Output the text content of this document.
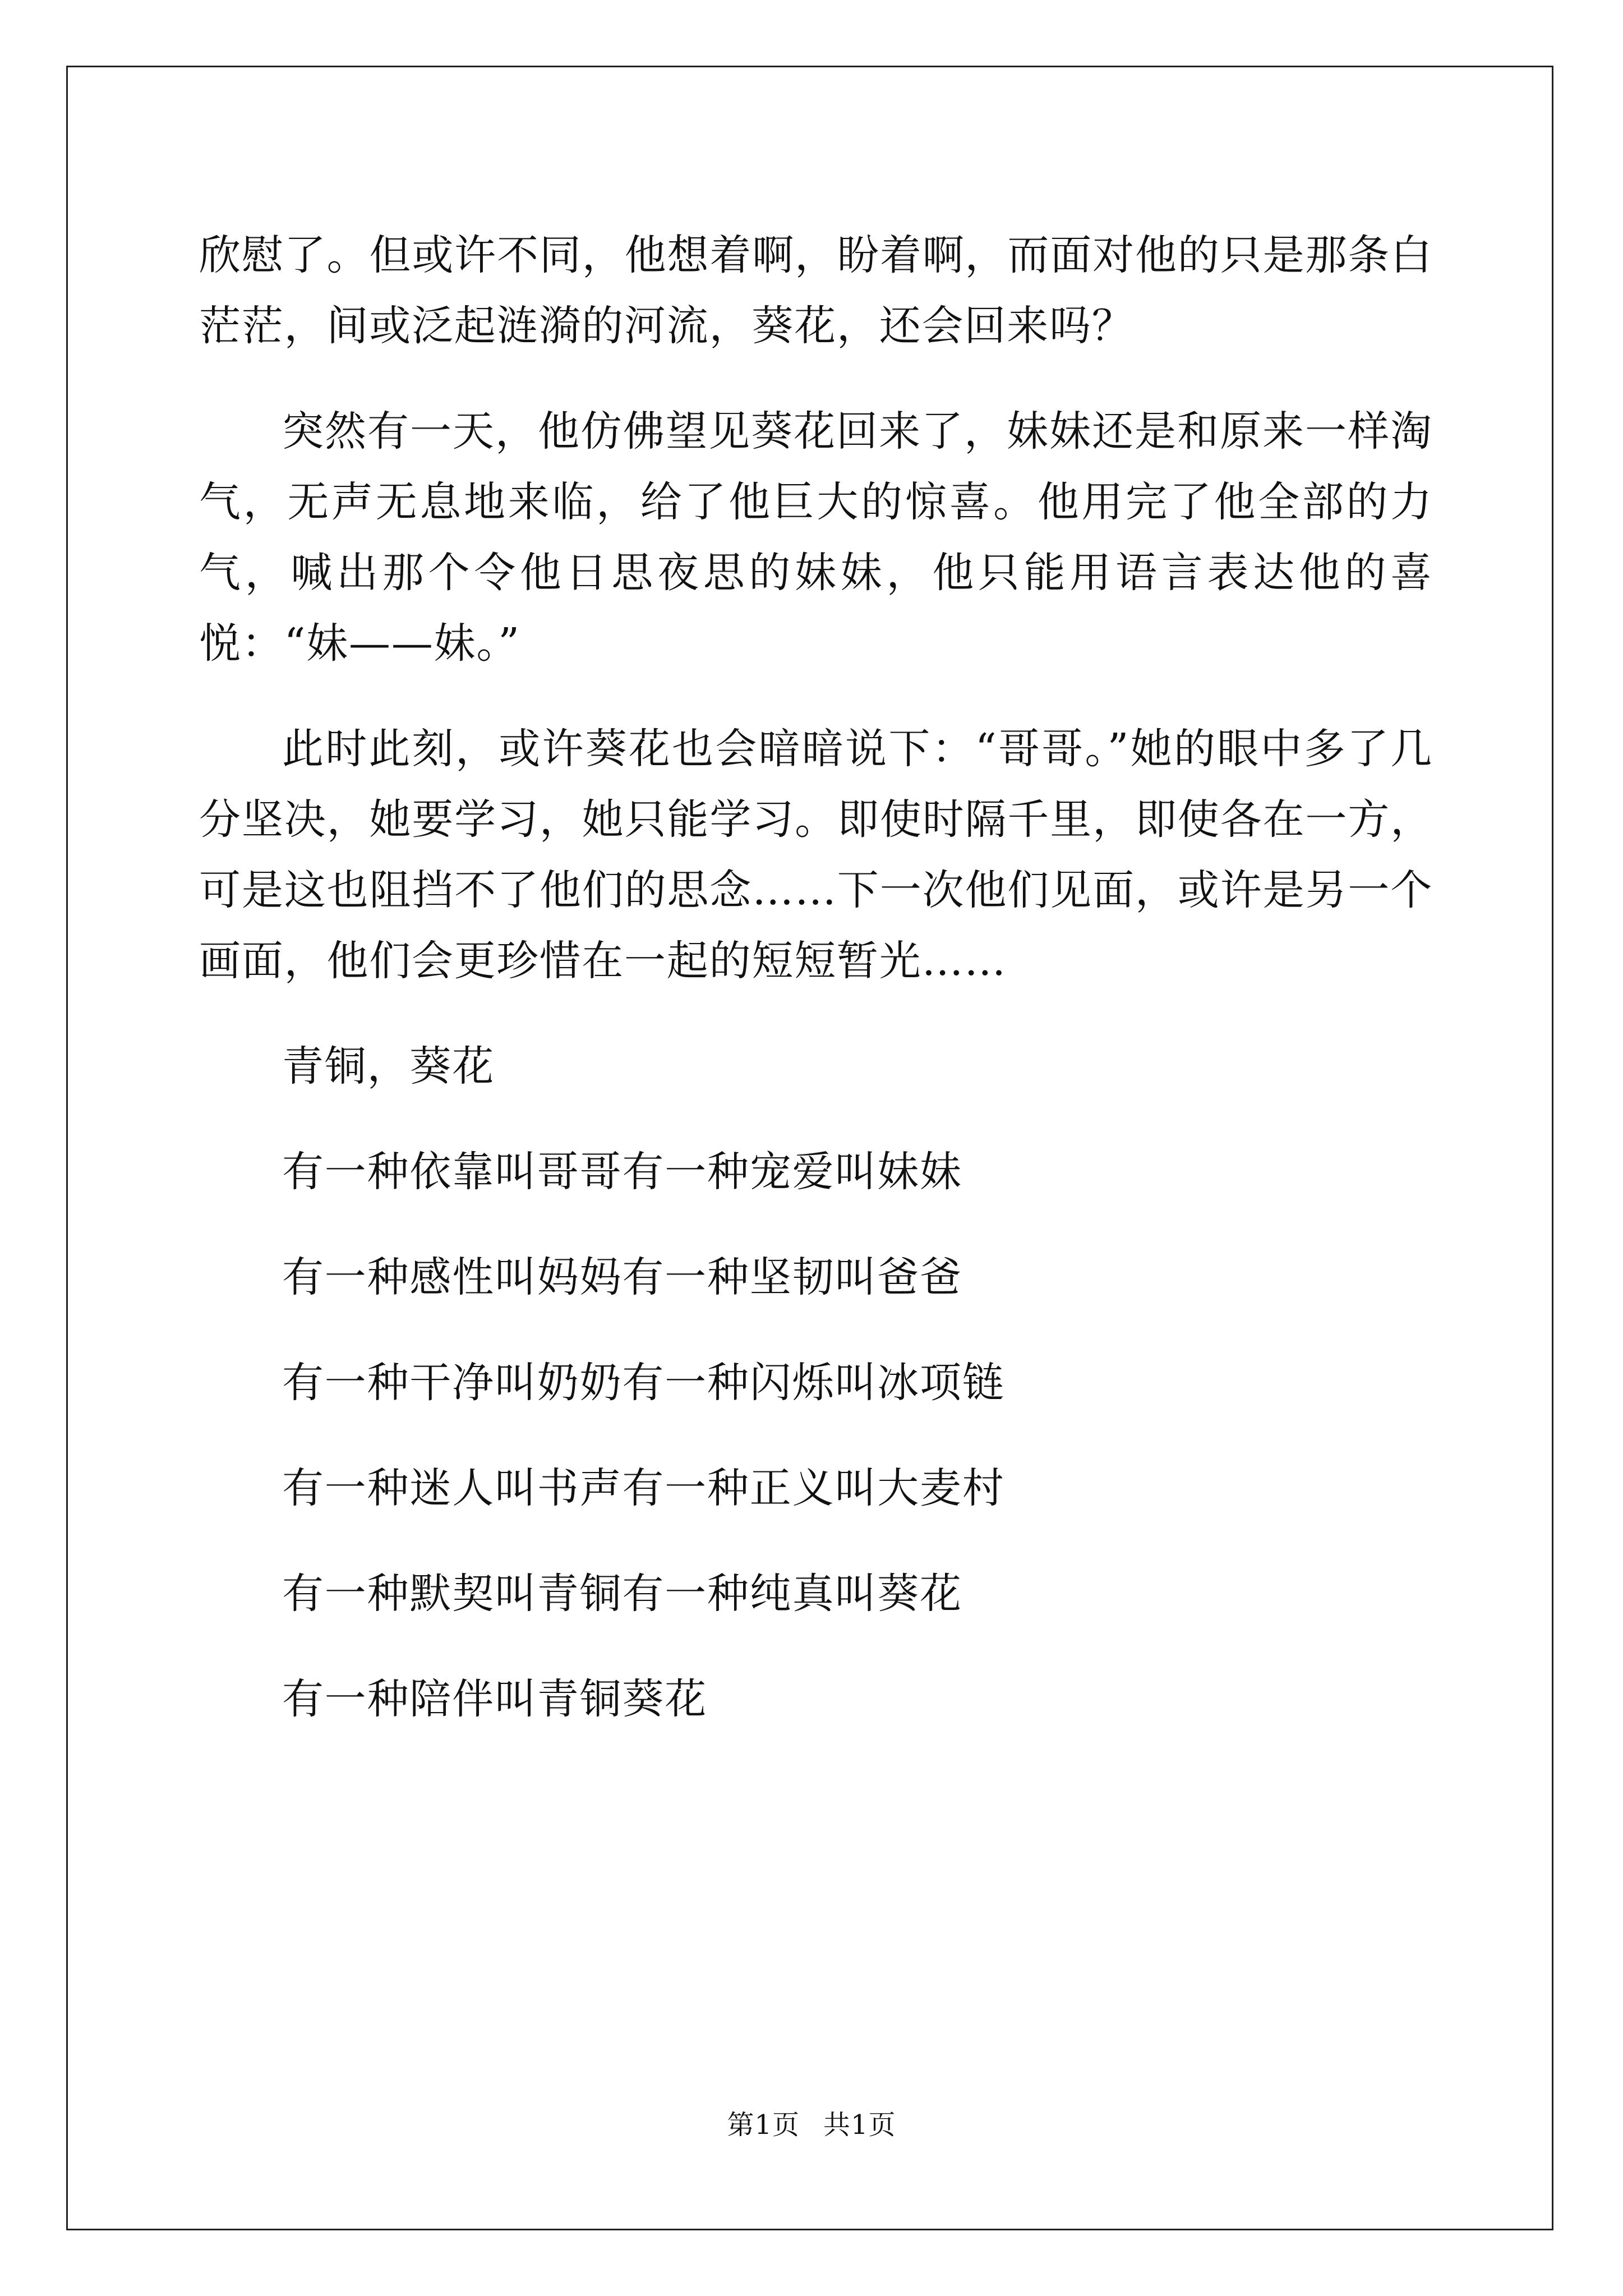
欣慰了。但或许不同，他想着啊，盼着啊，而面对他的只是那条白茫茫，间或泛起涟漪的河流，葵花，还会回来吗？

突然有一天，他仿佛望见葵花回来了，妹妹还是和原来一样淘气，无声无息地来临，给了他巨大的惊喜。他用完了他全部的力气，喊出那个令他日思夜思的妹妹，他只能用语言表达他的喜悦：“妹——妹。”

此时此刻，或许葵花也会暗暗说下：“哥哥。”她的眼中多了几分坚决，她要学习，她只能学习。即使时隔千里，即使各在一方，可是这也阻挡不了他们的思念……下一次他们见面，或许是另一个画面，他们会更珍惜在一起的短短暂光……

青铜，葵花
有一种依靠叫哥哥有一种宠爱叫妹妹
有一种感性叫妈妈有一种坚韧叫爸爸
有一种干净叫奶奶有一种闪烁叫冰项链
有一种迷人叫书声有一种正义叫大麦村
有一种默契叫青铜有一种纯真叫葵花
有一种陪伴叫青铜葵花
第1页 共1页
